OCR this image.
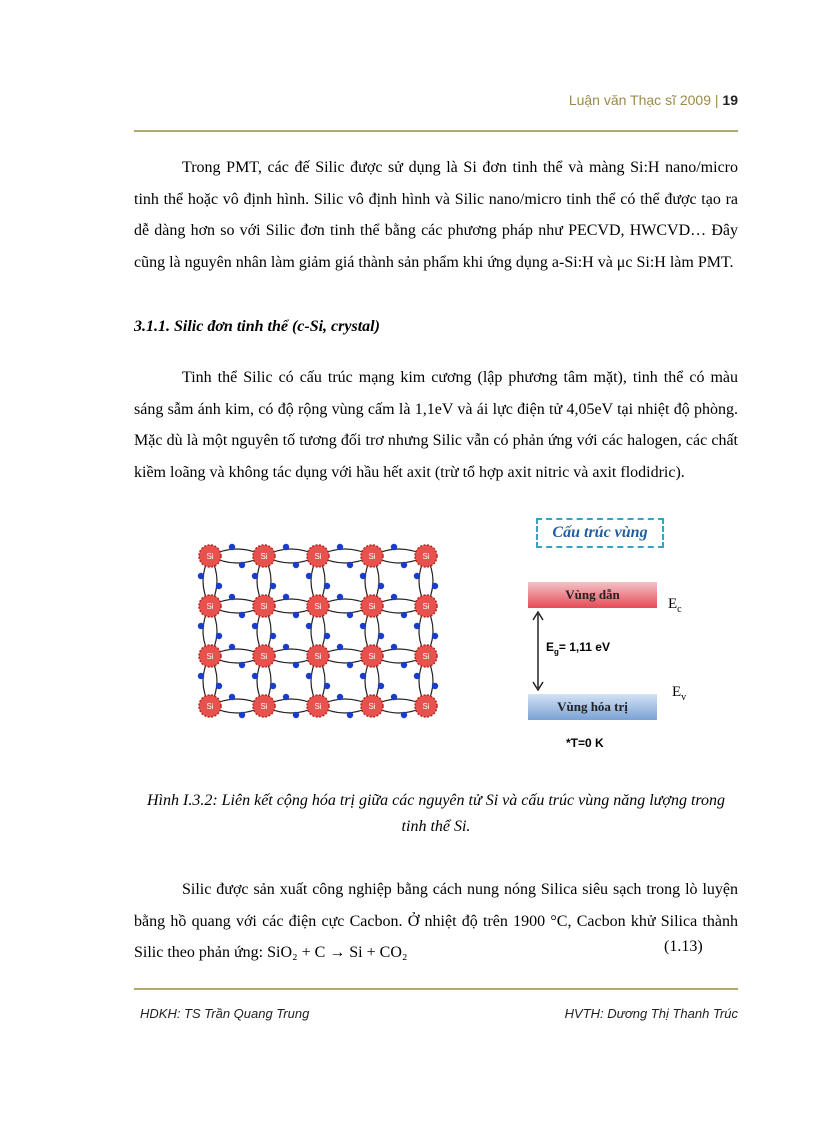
Luận văn Thạc sĩ 2009 | 19

Trong PMT, các đế Silic được sử dụng là Si đơn tinh thể và màng Si:H nano/micro tinh thể hoặc vô định hình. Silic vô định hình và Silic nano/micro tinh thể có thể được tạo ra dễ dàng hơn so với Silic đơn tinh thể bằng các phương pháp như PECVD, HWCVD… Đây cũng là nguyên nhân làm giảm giá thành sản phẩm khi ứng dụng a-Si:H và μc Si:H làm PMT.

3.1.1. Silic đơn tinh thể (c-Si, crystal)

Tinh thể Silic có cấu trúc mạng kim cương (lập phương tâm mặt), tinh thể có màu sáng sẫm ánh kim, có độ rộng vùng cấm là 1,1eV và ái lực điện tử 4,05eV tại nhiệt độ phòng. Mặc dù là một nguyên tố tương đối trơ nhưng Silic vẫn có phản ứng với các halogen, các chất kiềm loãng và không tác dụng với hầu hết axit (trừ tổ hợp axit nitric và axit flodidric).

Si	Si	Si	Si	Si
Si	Si	Si	Si	Si
Si	Si	Si	Si	Si
Si	Si	Si	Si	Si
Cấu trúc vùng
Vùng dẫn
$E_c$
$E_g= 1,11$ eV
$E_v$
Vùng hóa trị
*T=0 K
Hình I.3.2: Liên kết cộng hóa trị giữa các nguyên tử Si và cấu trúc vùng năng lượng trong tinh thể Si.

Silic được sản xuất công nghiệp bằng cách nung nóng Silica siêu sạch trong lò luyện bằng hồ quang với các điện cực Cacbon. Ở nhiệt độ trên 1900 °C, Cacbon khử Silica thành Silic theo phản ứng: SiO₂ + C → Si + CO₂	(1.13)
HDKH: TS Trần Quang Trung	HVTH: Dương Thị Thanh Trúc
